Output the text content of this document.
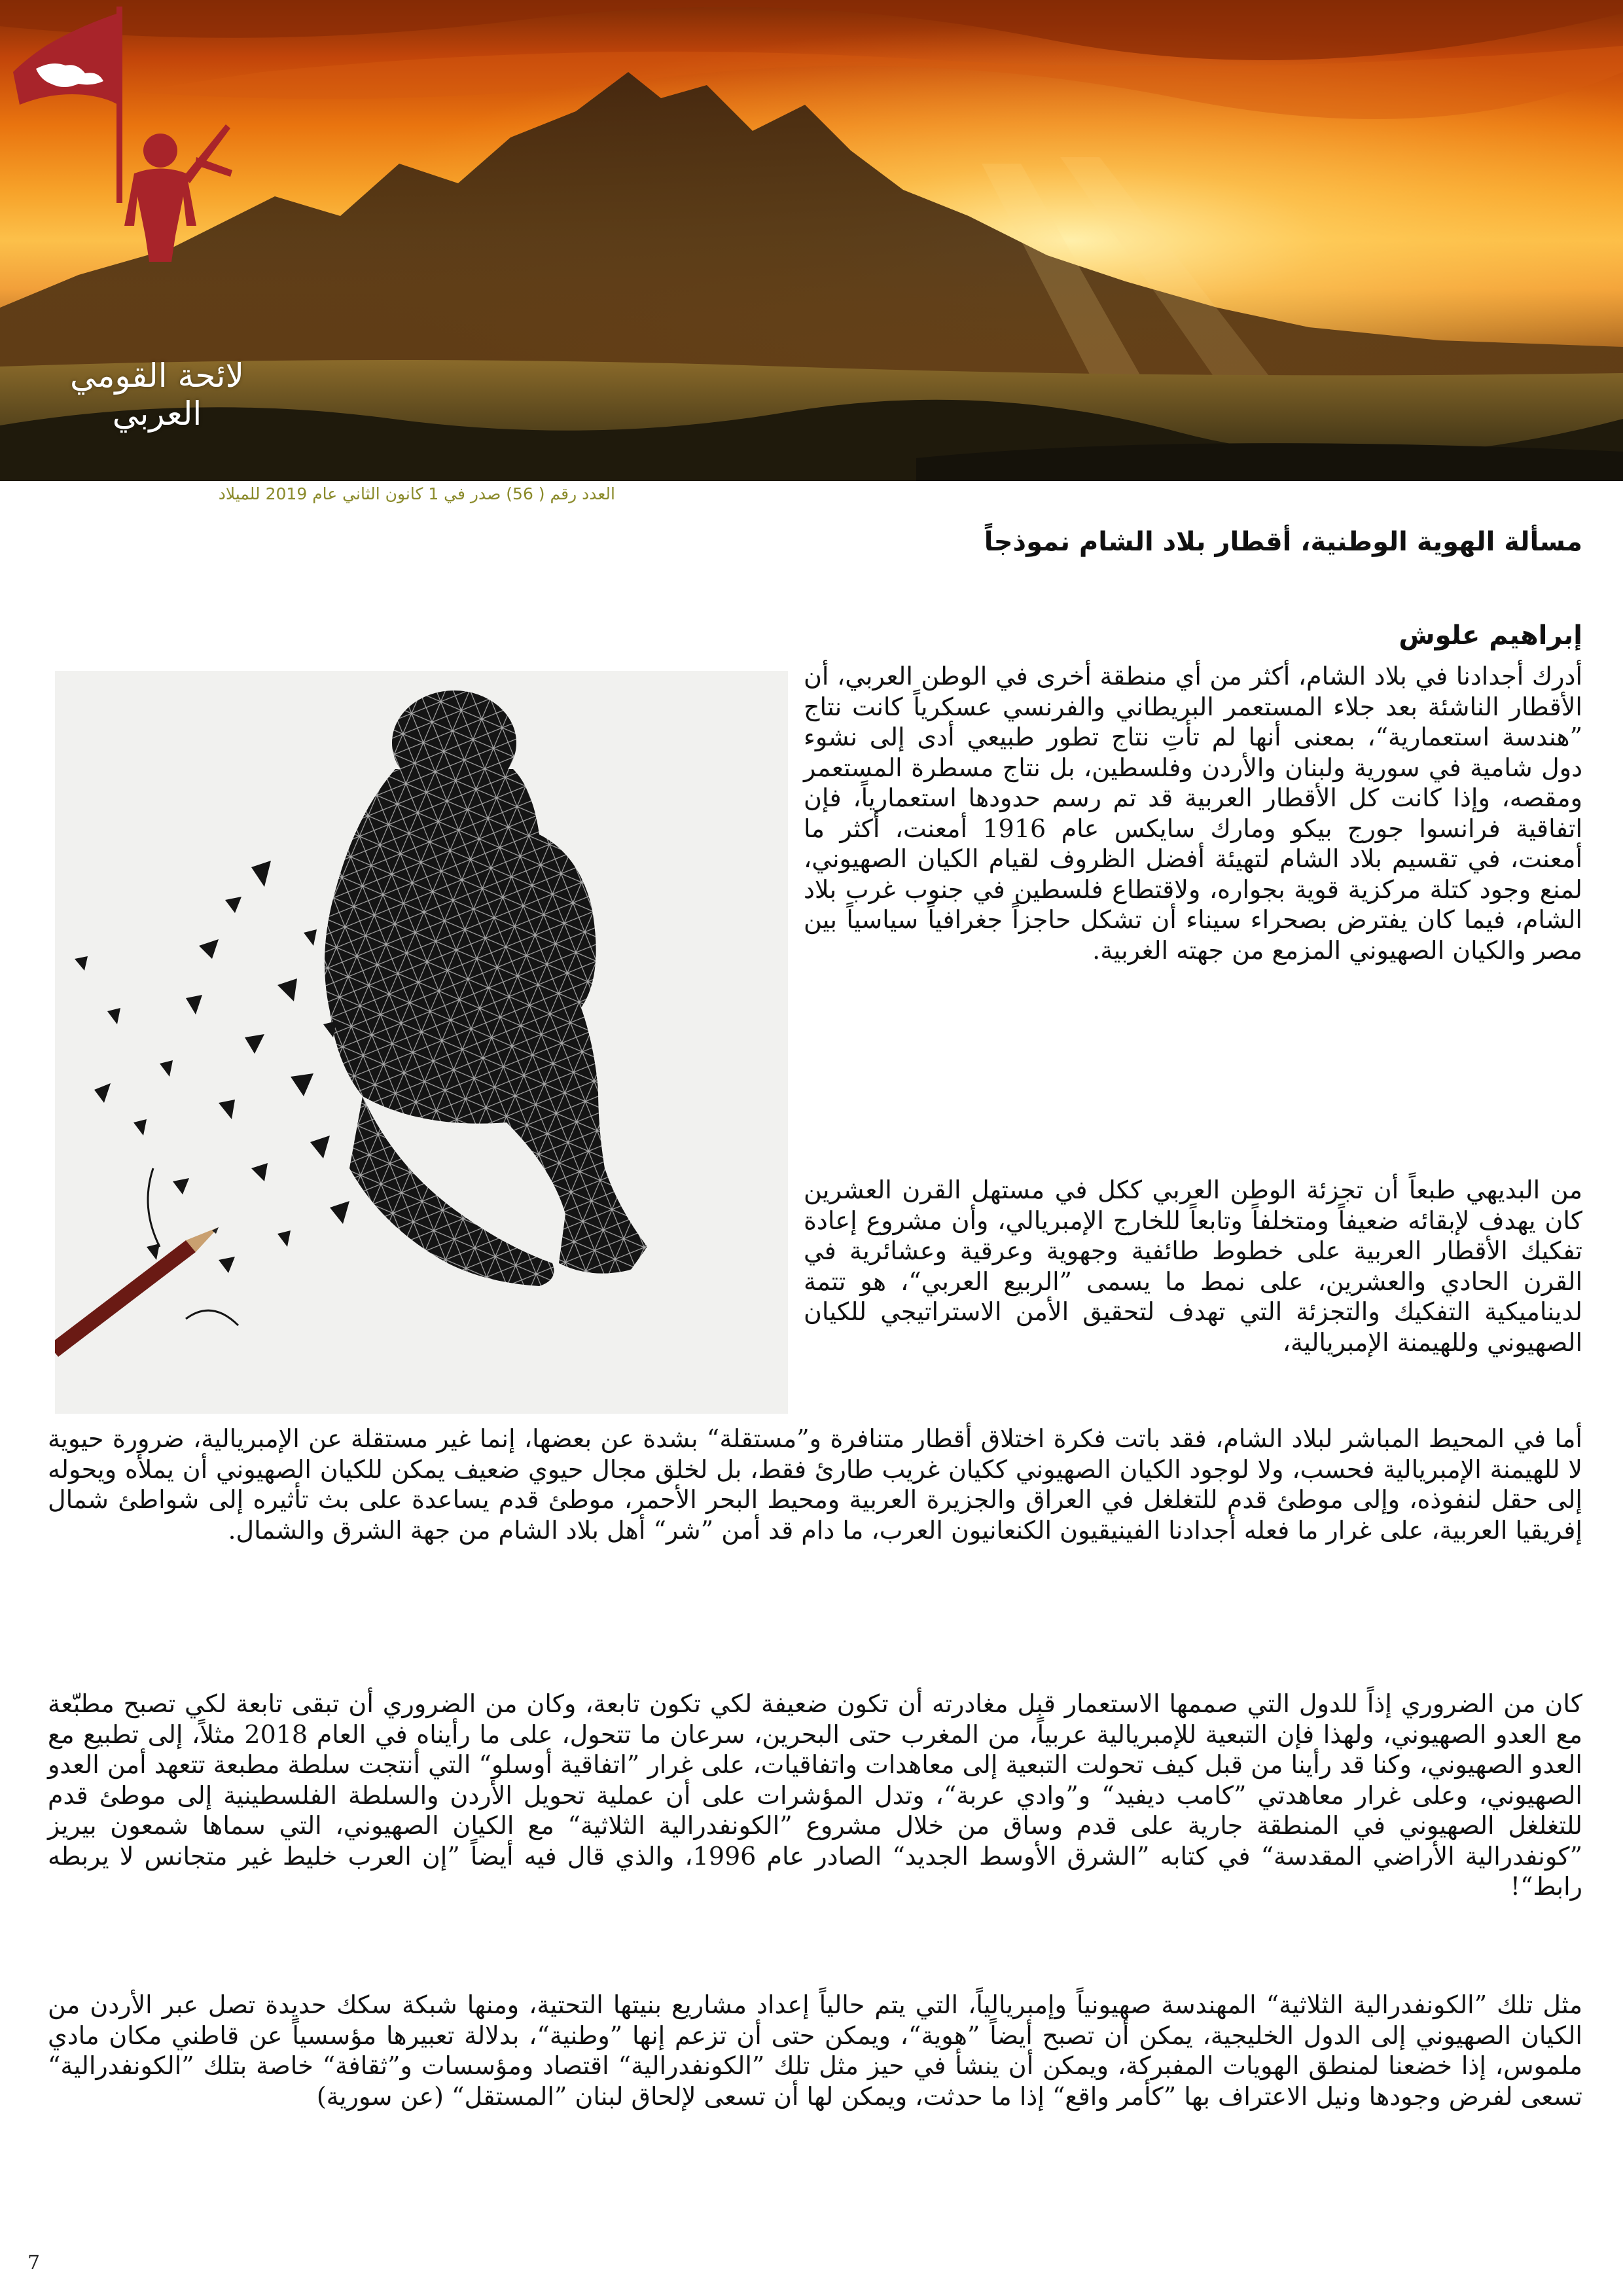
لائحة القومي العربي
العدد رقم ( 56) صدر في 1 كانون الثاني عام 2019 للميلاد
مسألة الهوية الوطنية، أقطار بلاد الشام نموذجاً
إبراهيم علوش

أدرك أجدادنا في بلاد الشام، أكثر من أي منطقة أخرى في الوطن العربي، أن الأقطار الناشئة بعد جلاء المستعمر البريطاني والفرنسي عسكرياً كانت نتاج ”هندسة استعمارية“، بمعنى أنها لم تأتِ نتاج تطور طبيعي أدى إلى نشوء دول شامية في سورية ولبنان والأردن وفلسطين، بل نتاج مسطرة المستعمر ومقصه، وإذا كانت كل الأقطار العربية قد تم رسم حدودها استعمارياً، فإن اتفاقية فرانسوا جورج بيكو ومارك سايكس عام 1916 أمعنت، أكثر ما أمعنت، في تقسيم بلاد الشام لتهيئة أفضل الظروف لقيام الكيان الصهيوني، لمنع وجود كتلة مركزية قوية بجواره، ولاقتطاع فلسطين في جنوب غرب بلاد الشام، فيما كان يفترض بصحراء سيناء أن تشكل حاجزاً جغرافياً سياسياً بين مصر والكيان الصهيوني المزمع من جهته الغربية.

من البديهي طبعاً أن تجزئة الوطن العربي ككل في مستهل القرن العشرين كان يهدف لإبقائه ضعيفاً ومتخلفاً وتابعاً للخارج الإمبريالي، وأن مشروع إعادة تفكيك الأقطار العربية على خطوط طائفية وجهوية وعرقية وعشائرية في القرن الحادي والعشرين، على نمط ما يسمى ”الربيع العربي“، هو تتمة لديناميكية التفكيك والتجزئة التي تهدف لتحقيق الأمن الاستراتيجي للكيان الصهيوني وللهيمنة الإمبريالية،

أما في المحيط المباشر لبلاد الشام، فقد باتت فكرة اختلاق أقطار متنافرة و”مستقلة“ بشدة عن بعضها، إنما غير مستقلة عن الإمبريالية، ضرورة حيوية لا للهيمنة الإمبريالية فحسب، ولا لوجود الكيان الصهيوني ككيان غريب طارئ فقط، بل لخلق مجال حيوي ضعيف يمكن للكيان الصهيوني أن يملأه ويحوله إلى حقل لنفوذه، وإلى موطئ قدم للتغلغل في العراق والجزيرة العربية ومحيط البحر الأحمر، موطئ قدم يساعدة على بث تأثيره إلى شواطئ شمال إفريقيا العربية، على غرار ما فعله أجدادنا الفينيقيون الكنعانيون العرب، ما دام قد أمن ”شر“ أهل بلاد الشام من جهة الشرق والشمال.

كان من الضروري إذاً للدول التي صممها الاستعمار قبل مغادرته أن تكون ضعيفة لكي تكون تابعة، وكان من الضروري أن تبقى تابعة لكي تصبح مطبّعة مع العدو الصهيوني، ولهذا فإن التبعية للإمبريالية عربياً، من المغرب حتى البحرين، سرعان ما تتحول، على ما رأيناه في العام 2018 مثلاً، إلى تطبيع مع العدو الصهيوني، وكنا قد رأينا من قبل كيف تحولت التبعية إلى معاهدات واتفاقيات، على غرار ”اتفاقية أوسلو“ التي أنتجت سلطة مطبعة تتعهد أمن العدو الصهيوني، وعلى غرار معاهدتي ”كامب ديفيد“ و”وادي عربة“، وتدل المؤشرات على أن عملية تحويل الأردن والسلطة الفلسطينية إلى موطئ قدم للتغلغل الصهيوني في المنطقة جارية على قدم وساق من خلال مشروع ”الكونفدرالية الثلاثية“ مع الكيان الصهيوني، التي سماها شمعون بيريز ”كونفدرالية الأراضي المقدسة“ في كتابه ”الشرق الأوسط الجديد“ الصادر عام 1996، والذي قال فيه أيضاً ”إن العرب خليط غير متجانس لا يربطه رابط“!

مثل تلك ”الكونفدرالية الثلاثية“ المهندسة صهيونياً وإمبريالياً، التي يتم حالياً إعداد مشاريع بنيتها التحتية، ومنها شبكة سكك حديدة تصل عبر الأردن من الكيان الصهيوني إلى الدول الخليجية، يمكن أن تصبح أيضاً ”هوية“، ويمكن حتى أن تزعم إنها ”وطنية“، بدلالة تعبيرها مؤسسياً عن قاطني مكان مادي ملموس، إذا خضعنا لمنطق الهويات المفبركة، ويمكن أن ينشأ في حيز مثل تلك ”الكونفدرالية“ اقتصاد ومؤسسات و”ثقافة“ خاصة بتلك ”الكونفدرالية“ تسعى لفرض وجودها ونيل الاعتراف بها ”كأمر واقع“ إذا ما حدثت، ويمكن لها أن تسعى لإلحاق لبنان ”المستقل“ (عن سورية)

7
